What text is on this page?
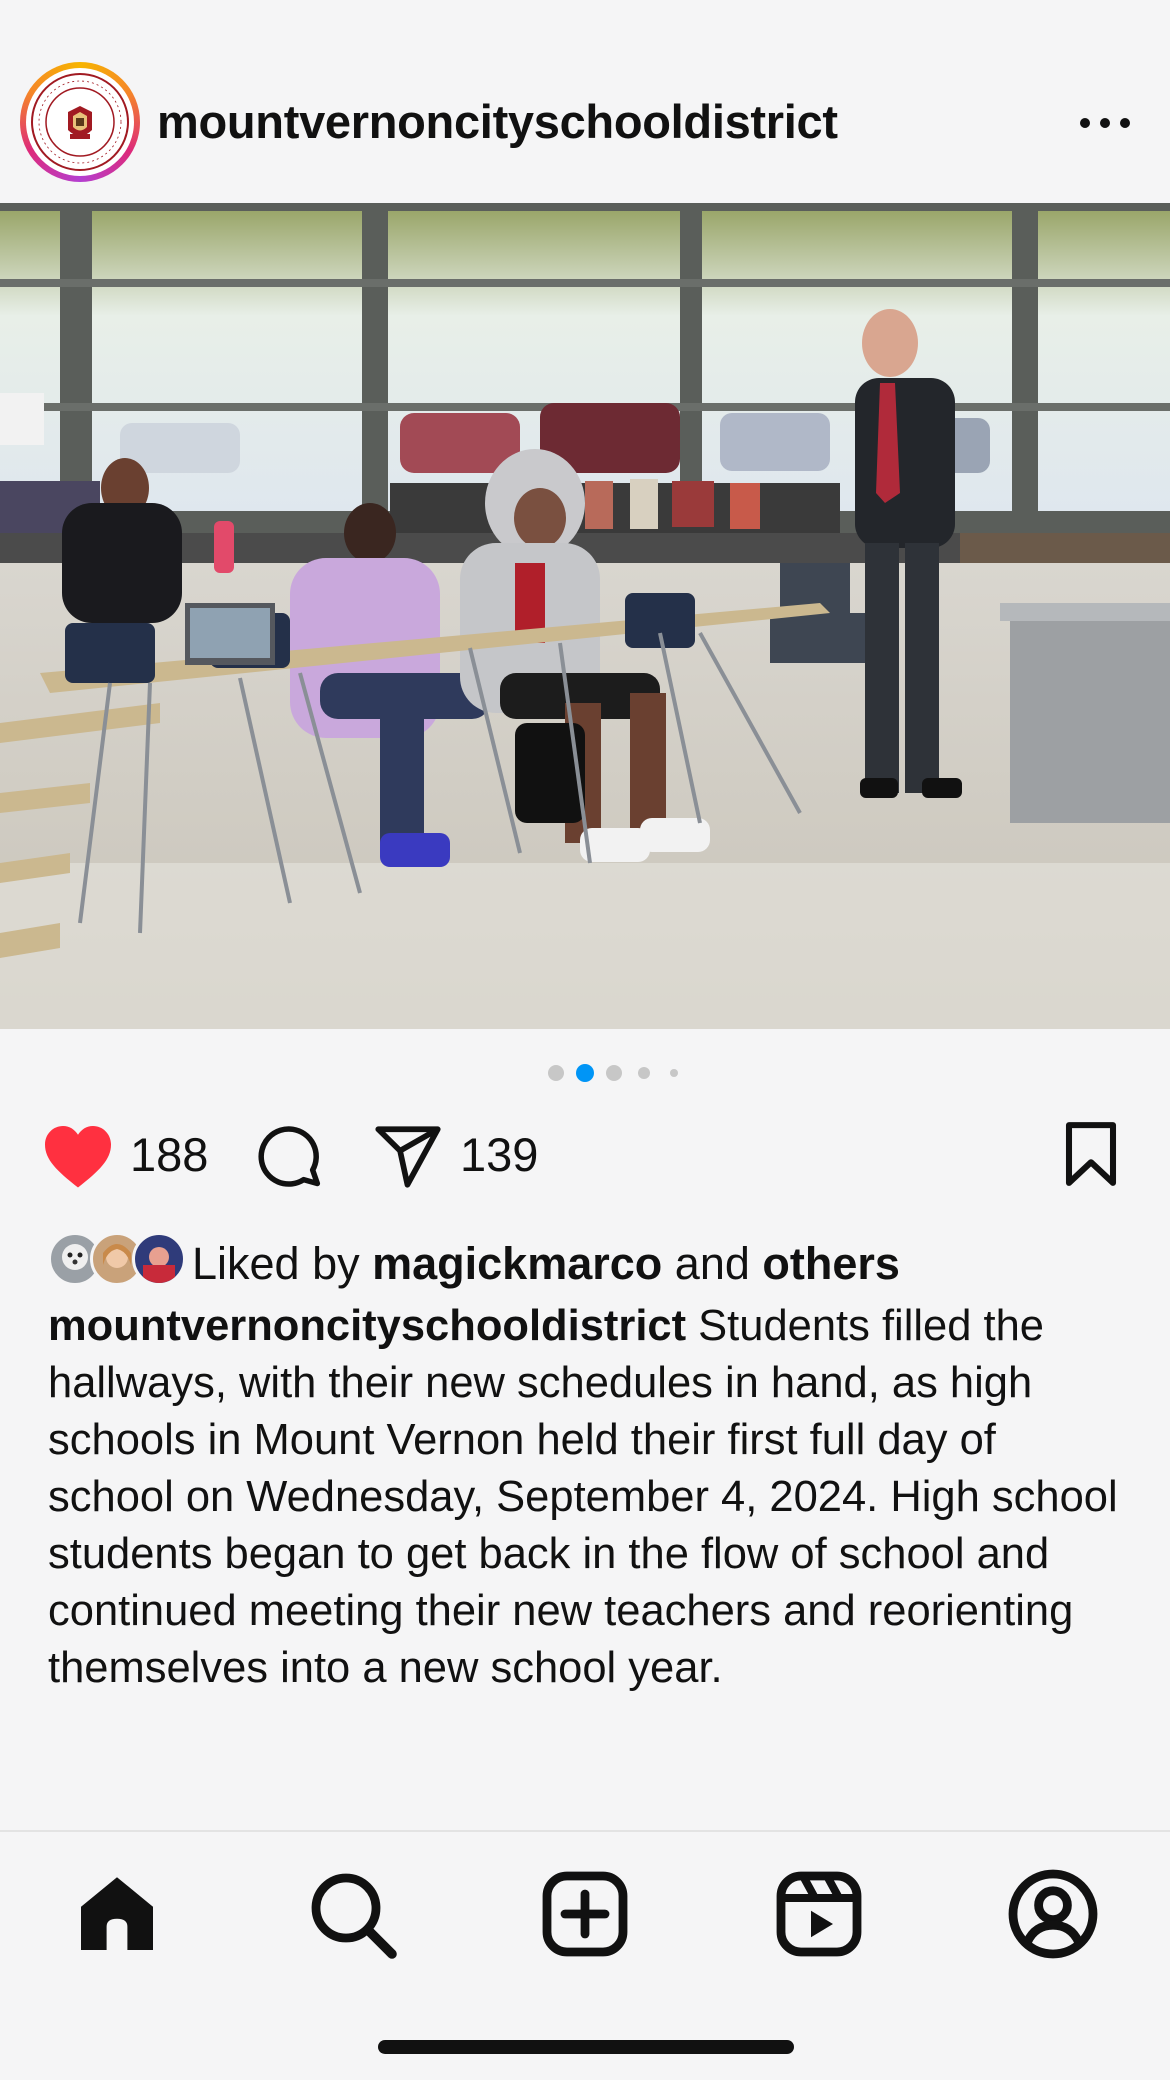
mountvernoncityschooldistrict
188	139
Liked by magickmarco and others
mountvernoncityschooldistrict Students filled the hallways, with their new schedules in hand, as high schools in Mount Vernon held their first full day of school on Wednesday, September 4, 2024. High school students began to get back in the flow of school and continued meeting their new teachers and reorienting themselves into a new school year.
